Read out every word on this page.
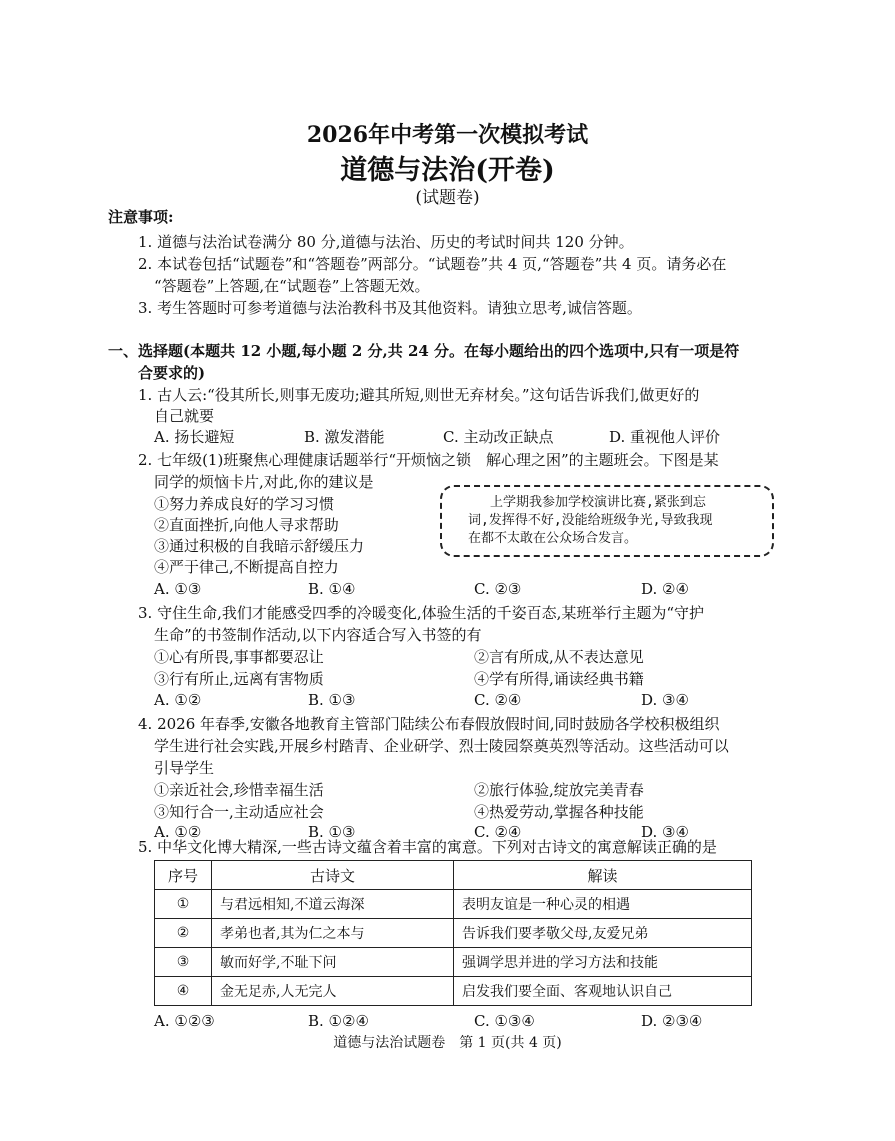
2026年中考第一次模拟考试
道德与法治(开卷)
(试题卷)
注意事项:
1. 道德与法治试卷满分 80 分,道德与法治、历史的考试时间共 120 分钟。
2. 本试卷包括“试题卷”和“答题卷”两部分。“试题卷”共 4 页,“答题卷”共 4 页。请务必在
“答题卷”上答题,在“试题卷”上答题无效。
3. 考生答题时可参考道德与法治教科书及其他资料。请独立思考,诚信答题。
一、选择题(本题共 12 小题,每小题 2 分,共 24 分。在每小题给出的四个选项中,只有一项是符
合要求的)
1. 古人云:“役其所长,则事无废功;避其所短,则世无弃材矣。”这句话告诉我们,做更好的
自己就要
A. 扬长避短	B. 激发潜能	C. 主动改正缺点	D. 重视他人评价
2. 七年级(1)班聚焦心理健康话题举行“开烦恼之锁　解心理之困”的主题班会。下图是某
同学的烦恼卡片,对此,你的建议是
①努力养成良好的学习习惯
②直面挫折,向他人寻求帮助
③通过积极的自我暗示舒缓压力
④严于律己,不断提高自控力
上学期我参加学校演讲比赛,紧张到忘
词,发挥得不好,没能给班级争光,导致我现
在都不太敢在公众场合发言。
A. ①③	B. ①④	C. ②③	D. ②④
3. 守住生命,我们才能感受四季的冷暖变化,体验生活的千姿百态,某班举行主题为“守护
生命”的书签制作活动,以下内容适合写入书签的有
①心有所畏,事事都要忍让	②言有所成,从不表达意见
③行有所止,远离有害物质	④学有所得,诵读经典书籍
A. ①②	B. ①③	C. ②④	D. ③④
4. 2026 年春季,安徽各地教育主管部门陆续公布春假放假时间,同时鼓励各学校积极组织
学生进行社会实践,开展乡村踏青、企业研学、烈士陵园祭奠英烈等活动。这些活动可以
引导学生
①亲近社会,珍惜幸福生活	②旅行体验,绽放完美青春
③知行合一,主动适应社会	④热爱劳动,掌握各种技能
A. ①②	B. ①③	C. ②④	D. ③④
5. 中华文化博大精深,一些古诗文蕴含着丰富的寓意。下列对古诗文的寓意解读正确的是
序号	古诗文	解读
①	与君远相知,不道云海深	表明友谊是一种心灵的相遇
②	孝弟也者,其为仁之本与	告诉我们要孝敬父母,友爱兄弟
③	敏而好学,不耻下问	强调学思并进的学习方法和技能
④	金无足赤,人无完人	启发我们要全面、客观地认识自己
A. ①②③	B. ①②④	C. ①③④	D. ②③④
道德与法治试题卷　第 1 页(共 4 页)
